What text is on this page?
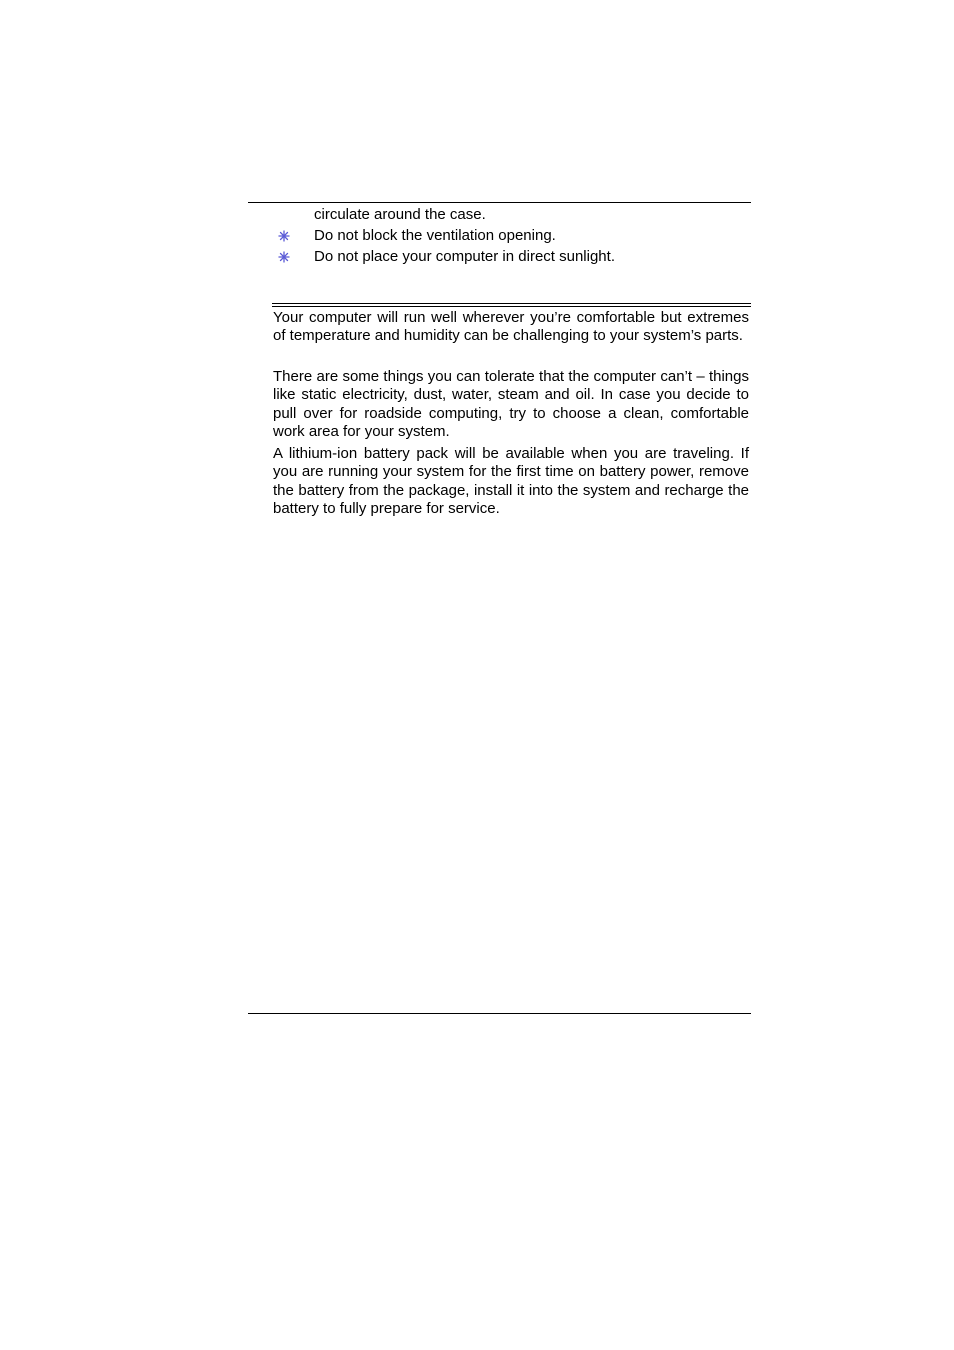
circulate around the case.
Do not block the ventilation opening.
Do not place your computer in direct sunlight.

Your computer will run well wherever you’re comfortable but extremes of temperature and humidity can be challenging to your system’s parts.

There are some things you can tolerate that the computer can’t – things like static electricity, dust, water, steam and oil. In case you decide to pull over for roadside computing, try to choose a clean, comfortable work area for your system.

A lithium-ion battery pack will be available when you are traveling. If you are running your system for the first time on battery power, remove the battery from the package, install it into the system and recharge the battery to fully prepare for service.
